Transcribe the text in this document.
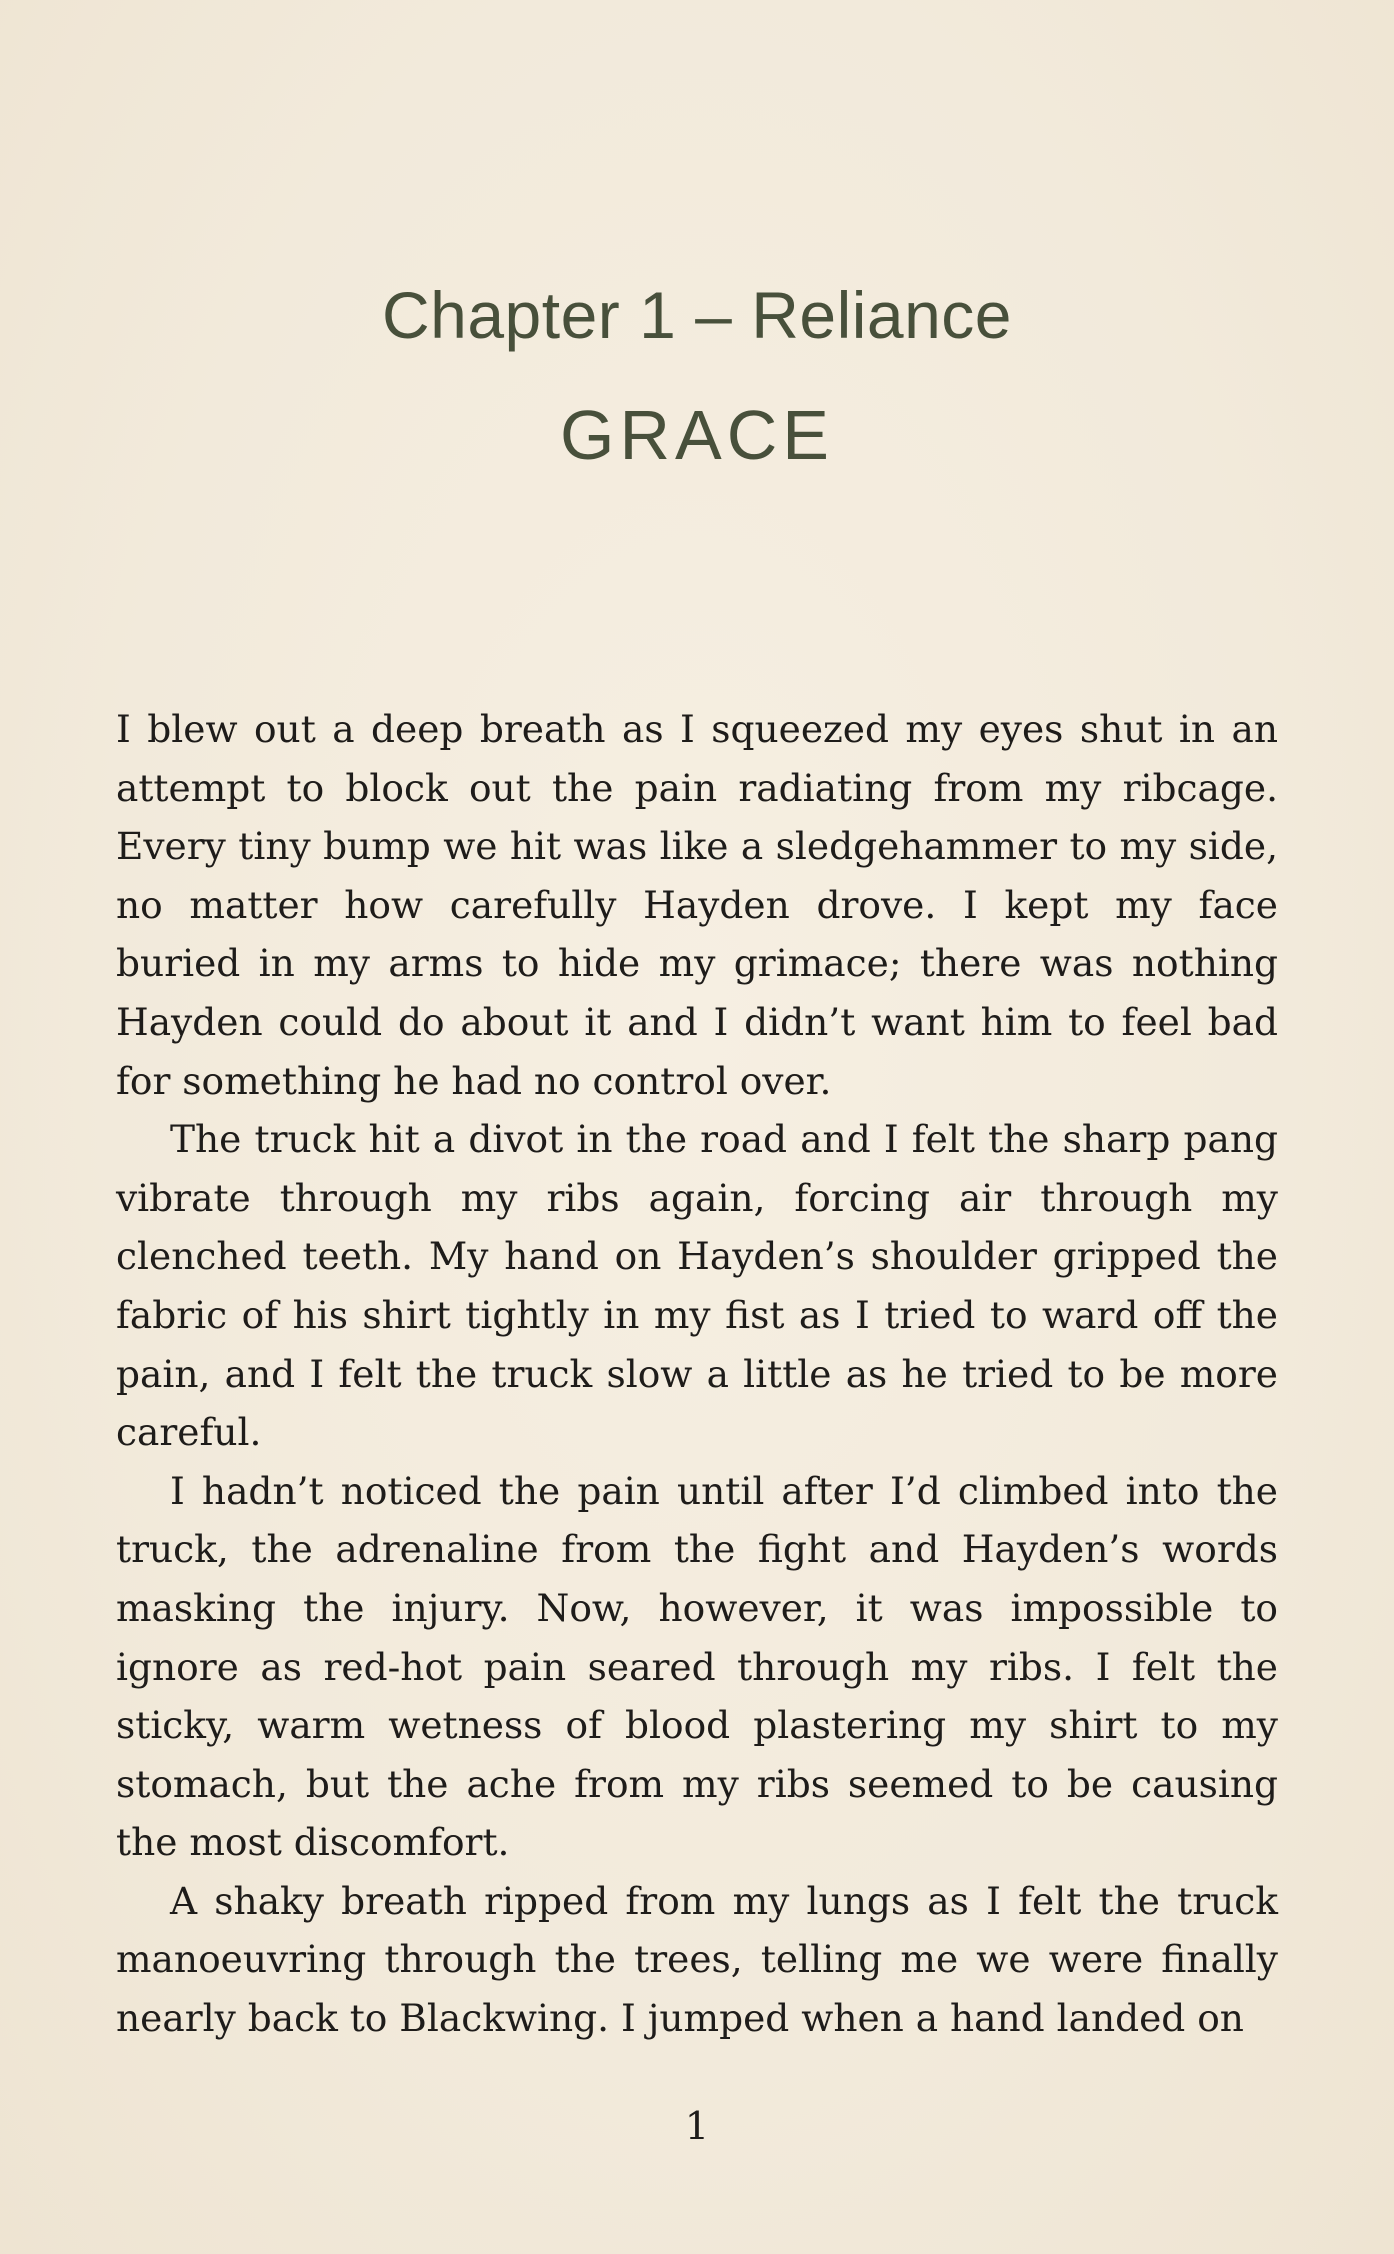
Chapter 1 – Reliance
GRACE

I blew out a deep breath as I squeezed my eyes shut in an attempt to block out the pain radiating from my ribcage. Every tiny bump we hit was like a sledgehammer to my side, no matter how carefully Hayden drove. I kept my face buried in my arms to hide my grimace; there was nothing Hayden could do about it and I didn’t want him to feel bad for something he had no control over.

The truck hit a divot in the road and I felt the sharp pang vibrate through my ribs again, forcing air through my clenched teeth. My hand on Hayden’s shoulder gripped the fabric of his shirt tightly in my fist as I tried to ward off the pain, and I felt the truck slow a little as he tried to be more careful.

I hadn’t noticed the pain until after I’d climbed into the truck, the adrenaline from the fight and Hayden’s words masking the injury. Now, however, it was impossible to ignore as red-hot pain seared through my ribs. I felt the sticky, warm wetness of blood plastering my shirt to my stomach, but the ache from my ribs seemed to be causing the most discomfort.

A shaky breath ripped from my lungs as I felt the truck manoeuvring through the trees, telling me we were finally nearly back to Blackwing. I jumped when a hand landed on

1
